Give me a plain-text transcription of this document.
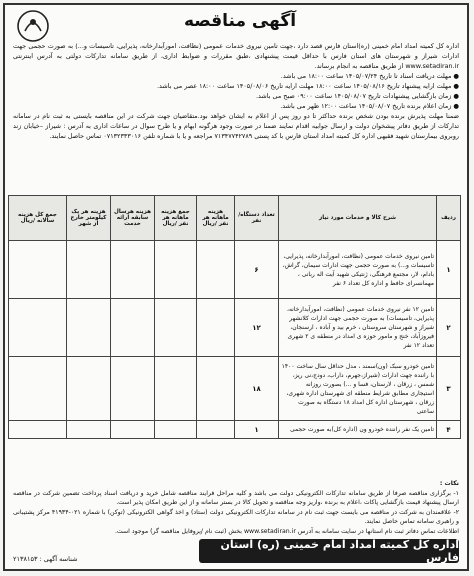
آگهی مناقصه

اداره کل کمیته امداد امام خمینی (ره)استان فارس قصد دارد ،جهت تامین نیروی خدمات عمومی (نظافت، امورآبدارخانه، پذیرایی، تاسیسات و...) به صورت حجمی جهت ادارات شیراز و شهرستان های استان فارس با حداقل قیمت پیشنهادی ،طبق مقررات و ضوابط اداری، از طریق سامانه تدارکات دولتی به آدرس اینترنتی www.setadiran.ir از طریق مناقصه به انجام برساند.

● مهلت دریافت اسناد تا تاریخ ۱۴۰۵/۰۷/۲۴ ساعت ۱۸:۰۰ می باشد.

● مهلت ارایه پیشنهاد تاریخ ۱۴۰۵/۰۸/۱۶ ساعت ۱۸:۰۰ مهلت ارایه تاریخ ۱۴۰۵/۰۸/۰۶ ساعت ۱۸:۰۰ عصر می باشد.

● زمان بازگشایی پیشنهادات تاریخ ۱۴۰۵/۰۸/۰۷ ساعت ۰۹:۰۰ صبح می باشد.

● زمان اعلام برنده تاریخ ۱۴۰۵/۰۸/۰۷ ساعت ۱۲:۰۰ ظهر می باشد.

ضمنا مهلت پذیرش برنده بودن شخص برنده حداکثر تا دو روز پس از اعلام به ایشان خواهد بود.متقاضیان جهت شرکت در این مناقصه بایستی به ثبت نام در سامانه تدارکات از طریق دفاتر پیشخوان دولت و ارسال جوابیه اقدام نمایند ضمنا در صورت وجود هرگونه ابهام و یا طرح سوال در ساعات اداری به آدرس : شیراز –خیابان زند روبروی بیمارستان شهید فقیهی اداره کل کمیته امداد استان فارس با کد پستی ۷۱۳۴۷۷۴۲۷۸۹ مراجعه و یا با شماره تلفن ۰۷۱۳۲۳۳۳۰۱۶ تماس حاصل نمایند.

ردیف	شرح کالا و خدمات مورد نیاز	تعداد دستگاه/نفر	هزینه ماهانه هر نفر /ریال	جمع هزینه ماهانه هر نفر /ریال	هزینه هرسال سابقه ارائه خدمت	هزینه هر یک کیلومتر خارج از شهر	جمع کل هزینه سالانه /ریال
۱	تامین نیروی خدمات عمومی (نظافت، امورآبدارخانه، پذیرایی، تاسیسات و...) به صورت حجمی جهت ادارات سیمان، گراش، بادام، لار، مجتمع فرهنگی، ژنتیکی شهید آیت اله ربانی ، مهمانسرای حافظ و اداره کل تعداد ۶ نفر	۶					
۲	تامین ۱۲ نفر نیروی خدمات عمومی (نظافت، امورآبدارخانه، پذیرایی، تاسیسات) به صورت حجمی جهت ادارات کلانشهر شیراز و شهرستان سروستان ، خرم بید و آباده ، ارسنجان، فیروزآباد، خنج و مامور حوزه ی امداد در منطقه ی ۲ شهری تعداد ۱۲ نفر	۱۲					
۳	تامین خودرو سبک (ون)سمند ، مدل حداقل سال ساخت ۱۴۰۰ با راننده جهت ادارات (شیراز،جهرم، داراب، دودج،نی ریز، شمس ، زرقان ، لارستان، فسا و ...) بصورت روزانه استیجاری مطابق شرایط منطقه ای شهرستان اداره شهری، زرقان ، شهرستان اداره کل امداد ۱۸ دستگاه به صورت ساعتی	۱۸					
۴	تامین یک نفر راننده خودرو ون (اداره کل)به صورت حجمی	۱					

نکات :

۱- برگزاری مناقصه صرفا از طریق سامانه تدارکات الکترونیکی دولت می باشد و کلیه مراحل فرایند مناقصه شامل خرید و دریافت اسناد پرداخت تضمین شرکت در مناقصه ارسال پیشنهاد قیمت بازگشایی پاکات ،اعلام به برنده ،واریز وجه مناقصه و تحویل کالا در بستر سامانه و از این طریق امکان پذیر است.

۲- علاقمندان به شرکت در مناقصه می بایست جهت ثبت نام در سامانه تدارکات الکترونیکی دولت (ستاد) و اخذ گواهی الکترونیکی (توکن) با شماره ۰۲۱-۴۱۹۳۴ مرکز پشتیبانی و راهبری سامانه تماس حاصل نمایند.

اطلاعات تماس دفاتر ثبت نام استانها در سایت سامانه به آدرس www.setadiran.ir بخش (ثبت نام /پروفایل مناقصه گر) موجود است.

شناسه آگهی : ۲۱۳۸۱۵۳
اداره کل کمیته امداد امام خمینی (ره) استان فارس
